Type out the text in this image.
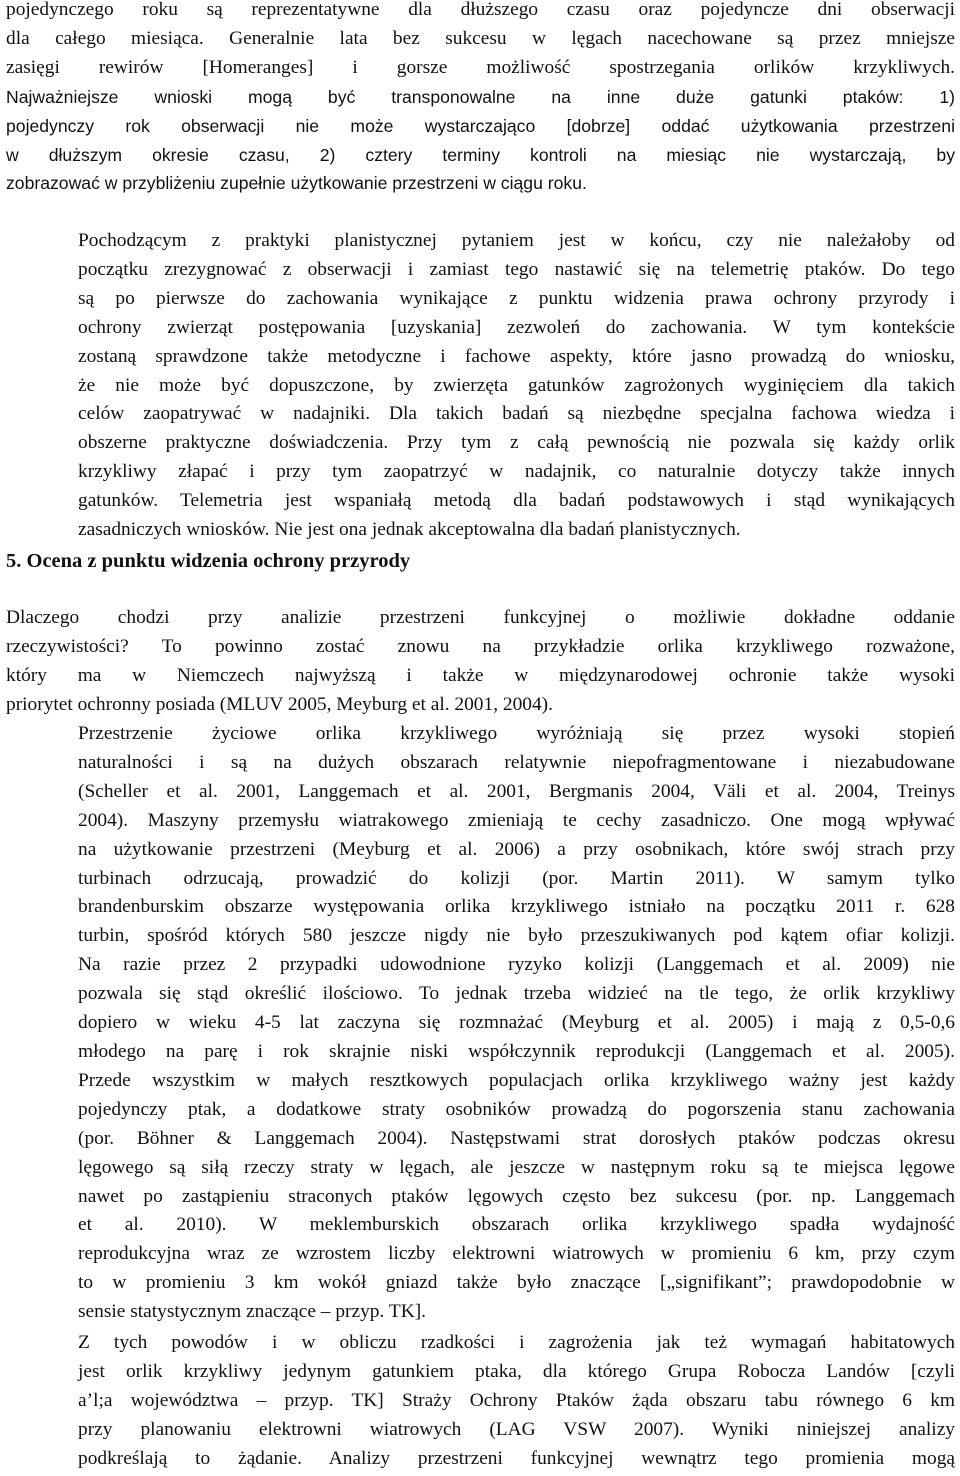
pojedynczego roku są reprezentatywne dla dłuższego czasu oraz pojedyncze dni obserwacji
dla całego miesiąca. Generalnie lata bez sukcesu w lęgach nacechowane są przez mniejsze
zasięgi rewirów [Homeranges] i gorsze możliwość spostrzegania orlików krzykliwych.
Najważniejsze wnioski mogą być transponowalne na inne duże gatunki ptaków: 1)
pojedynczy rok obserwacji nie może wystarczająco [dobrze] oddać użytkowania przestrzeni
w dłuższym okresie czasu, 2) cztery terminy kontroli na miesiąc nie wystarczają, by
zobrazować w przybliżeniu zupełnie użytkowanie przestrzeni w ciągu roku.
Pochodzącym z praktyki planistycznej pytaniem jest w końcu, czy nie należałoby od
początku zrezygnować z obserwacji i zamiast tego nastawić się na telemetrię ptaków. Do tego
są po pierwsze do zachowania wynikające z punktu widzenia prawa ochrony przyrody i
ochrony zwierząt postępowania [uzyskania] zezwoleń do zachowania. W tym kontekście
zostaną sprawdzone także metodyczne i fachowe aspekty, które jasno prowadzą do wniosku,
że nie może być dopuszczone, by zwierzęta gatunków zagrożonych wyginięciem dla takich
celów zaopatrywać w nadajniki. Dla takich badań są niezbędne specjalna fachowa wiedza i
obszerne praktyczne doświadczenia. Przy tym z całą pewnością nie pozwala się każdy orlik
krzykliwy złapać i przy tym zaopatrzyć w nadajnik, co naturalnie dotyczy także innych
gatunków. Telemetria jest wspaniałą metodą dla badań podstawowych i stąd wynikających
zasadniczych wniosków. Nie jest ona jednak akceptowalna dla badań planistycznych.
5. Ocena z punktu widzenia ochrony przyrody
Dlaczego chodzi przy analizie przestrzeni funkcyjnej o możliwie dokładne oddanie
rzeczywistości? To powinno zostać znowu na przykładzie orlika krzykliwego rozważone,
który ma w Niemczech najwyższą i także w międzynarodowej ochronie także wysoki
priorytet ochronny posiada (MLUV 2005, Meyburg et al. 2001, 2004).
Przestrzenie życiowe orlika krzykliwego wyróżniają się przez wysoki stopień
naturalności i są na dużych obszarach relatywnie niepofragmentowane i niezabudowane
(Scheller et al. 2001, Langgemach et al. 2001, Bergmanis 2004, Väli et al. 2004, Treinys
2004). Maszyny przemysłu wiatrakowego zmieniają te cechy zasadniczo. One mogą wpływać
na użytkowanie przestrzeni (Meyburg et al. 2006) a przy osobnikach, które swój strach przy
turbinach odrzucają, prowadzić do kolizji (por. Martin 2011). W samym tylko
brandenburskim obszarze występowania orlika krzykliwego istniało na początku 2011 r. 628
turbin, spośród których 580 jeszcze nigdy nie było przeszukiwanych pod kątem ofiar kolizji.
Na razie przez 2 przypadki udowodnione ryzyko kolizji (Langgemach et al. 2009) nie
pozwala się stąd określić ilościowo. To jednak trzeba widzieć na tle tego, że orlik krzykliwy
dopiero w wieku 4-5 lat zaczyna się rozmnażać (Meyburg et al. 2005) i mają z 0,5-0,6
młodego na parę i rok skrajnie niski współczynnik reprodukcji (Langgemach et al. 2005).
Przede wszystkim w małych resztkowych populacjach orlika krzykliwego ważny jest każdy
pojedynczy ptak, a dodatkowe straty osobników prowadzą do pogorszenia stanu zachowania
(por. Böhner & Langgemach 2004). Następstwami strat dorosłych ptaków podczas okresu
lęgowego są siłą rzeczy straty w lęgach, ale jeszcze w następnym roku są te miejsca lęgowe
nawet po zastąpieniu straconych ptaków lęgowych często bez sukcesu (por. np. Langgemach
et al. 2010). W meklemburskich obszarach orlika krzykliwego spadła wydajność
reprodukcyjna wraz ze wzrostem liczby elektrowni wiatrowych w promieniu 6 km, przy czym
to w promieniu 3 km wokół gniazd także było znaczące [„signifikant”; prawdopodobnie w
sensie statystycznym znaczące – przyp. TK].
Z tych powodów i w obliczu rzadkości i zagrożenia jak też wymagań habitatowych
jest orlik krzykliwy jedynym gatunkiem ptaka, dla którego Grupa Robocza Landów [czyli
a’l;a województwa – przyp. TK] Straży Ochrony Ptaków żąda obszaru tabu równego 6 km
przy planowaniu elektrowni wiatrowych (LAG VSW 2007). Wyniki niniejszej analizy
podkreślają to żądanie. Analizy przestrzeni funkcyjnej wewnątrz tego promienia mogą
